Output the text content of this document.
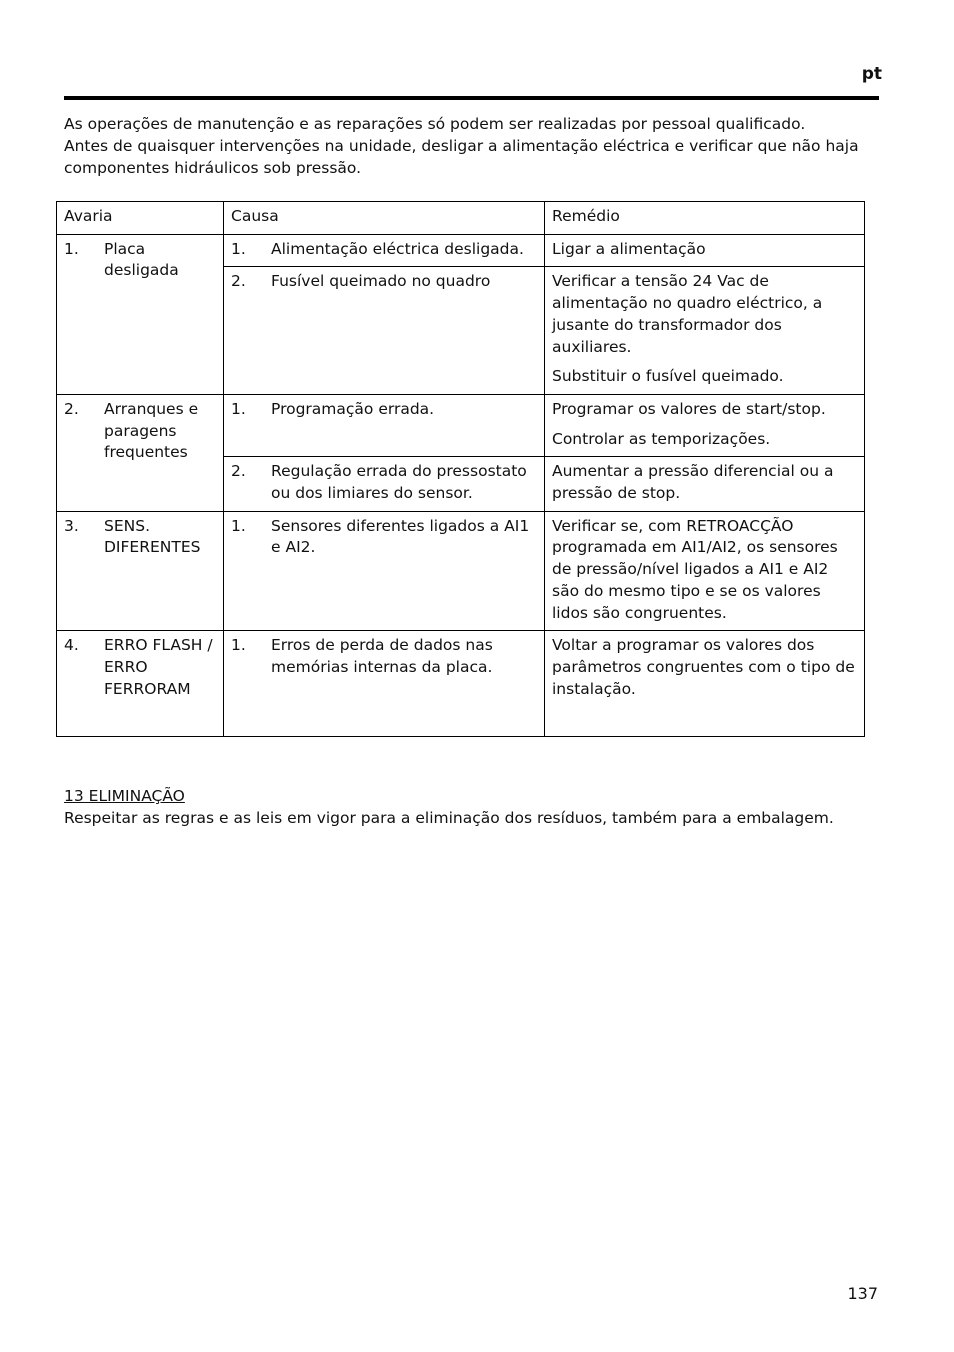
pt

As operações de manutenção e as reparações só podem ser realizadas por pessoal qualificado.

Antes de quaisquer intervenções na unidade, desligar a alimentação eléctrica e verificar que não haja componentes hidráulicos sob pressão.

Avaria	Causa	Remédio
1. Placa desligada	1. Alimentação eléctrica desligada.	Ligar a alimentação

	2. Fusível queimado no quadro	Verificar a tensão 24 Vac de alimentação no quadro eléctrico, a jusante do transformador dos auxiliares.

Substituir o fusível queimado.

2. Arranques e paragens frequentes	1. Programação errada.	Programar os valores de start/stop.

Controlar as temporizações.

	2. Regulação errada do pressostato ou dos limiares do sensor.	Aumentar a pressão diferencial ou a pressão de stop.

3. SENS. DIFERENTES	1. Sensores diferentes ligados a AI1 e AI2.	Verificar se, com RETROACÇÃO programada em AI1/AI2, os sensores de pressão/nível ligados a AI1 e AI2 são do mesmo tipo e se os valores lidos são congruentes.

4. ERRO FLASH / ERRO FERRORAM	1. Erros de perda de dados nas memórias internas da placa.	Voltar a programar os valores dos parâmetros congruentes com o tipo de instalação.

13 ELIMINAÇÃO
Respeitar as regras e as leis em vigor para a eliminação dos resíduos, também para a embalagem.
137
